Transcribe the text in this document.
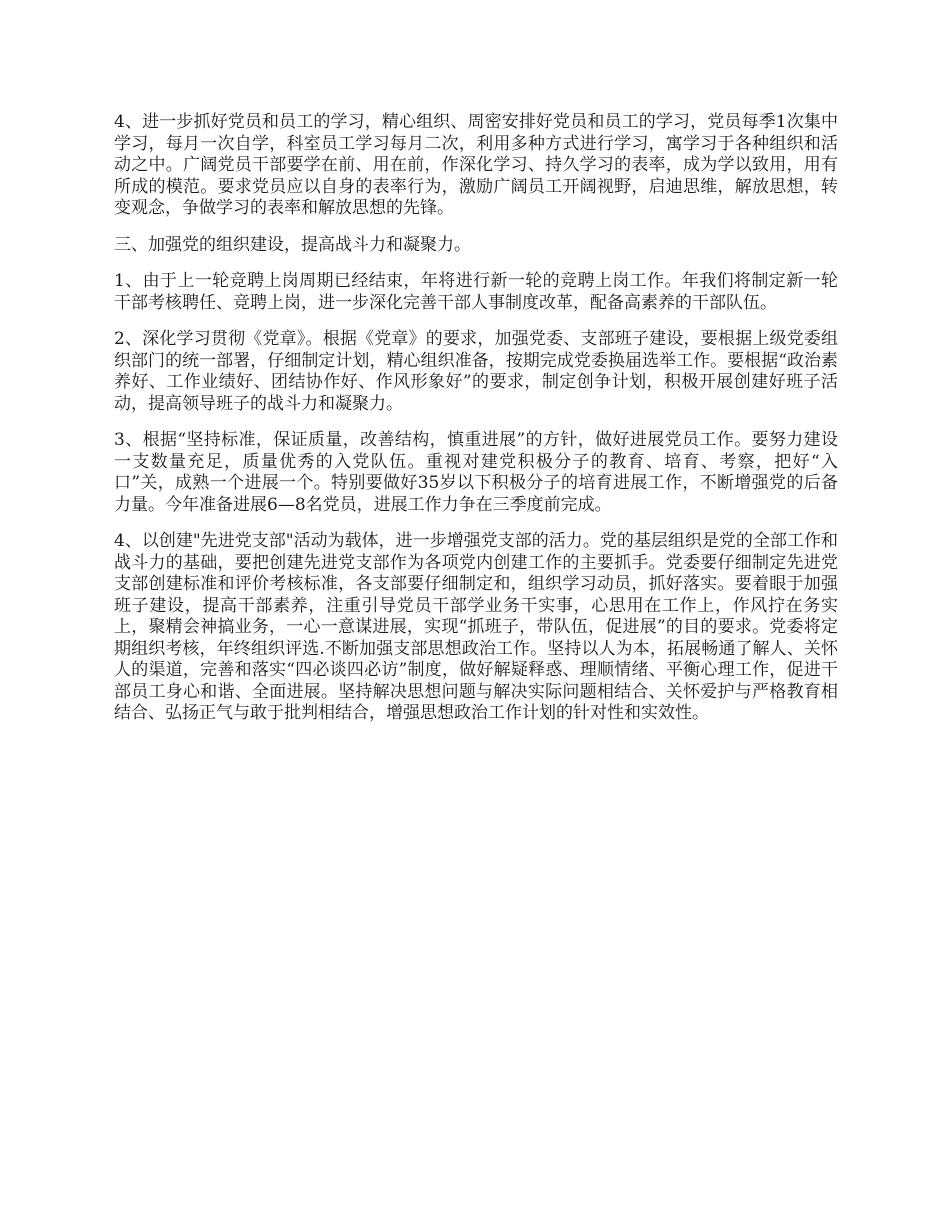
4、进一步抓好党员和员工的学习，精心组织、周密安排好党员和员工的学习，党员每季1次集中学习，每月一次自学，科室员工学习每月二次，利用多种方式进行学习，寓学习于各种组织和活动之中。广阔党员干部要学在前、用在前，作深化学习、持久学习的表率，成为学以致用，用有所成的模范。要求党员应以自身的表率行为，激励广阔员工开阔视野，启迪思维，解放思想，转变观念，争做学习的表率和解放思想的先锋。

三、加强党的组织建设，提高战斗力和凝聚力。

1、由于上一轮竞聘上岗周期已经结束，年将进行新一轮的竞聘上岗工作。年我们将制定新一轮干部考核聘任、竞聘上岗，进一步深化完善干部人事制度改革，配备高素养的干部队伍。

2、深化学习贯彻《党章》。根据《党章》的要求，加强党委、支部班子建设，要根据上级党委组织部门的统一部署，仔细制定计划，精心组织准备，按期完成党委换届选举工作。要根据“政治素养好、工作业绩好、团结协作好、作风形象好”的要求，制定创争计划，积极开展创建好班子活动，提高领导班子的战斗力和凝聚力。

3、根据“坚持标准，保证质量，改善结构，慎重进展”的方针，做好进展党员工作。要努力建设一支数量充足，质量优秀的入党队伍。重视对建党积极分子的教育、培育、考察，把好“入口”关，成熟一个进展一个。特别要做好35岁以下积极分子的培育进展工作，不断增强党的后备力量。今年准备进展6—8名党员，进展工作力争在三季度前完成。

4、以创建"先进党支部"活动为载体，进一步增强党支部的活力。党的基层组织是党的全部工作和战斗力的基础，要把创建先进党支部作为各项党内创建工作的主要抓手。党委要仔细制定先进党支部创建标准和评价考核标准，各支部要仔细制定和，组织学习动员，抓好落实。要着眼于加强班子建设，提高干部素养，注重引导党员干部学业务干实事，心思用在工作上，作风拧在务实上，聚精会神搞业务，一心一意谋进展，实现“抓班子，带队伍，促进展”的目的要求。党委将定期组织考核，年终组织评选.不断加强支部思想政治工作。坚持以人为本，拓展畅通了解人、关怀人的渠道，完善和落实“四必谈四必访”制度，做好解疑释惑、理顺情绪、平衡心理工作，促进干部员工身心和谐、全面进展。坚持解决思想问题与解决实际问题相结合、关怀爱护与严格教育相结合、弘扬正气与敢于批判相结合，增强思想政治工作计划的针对性和实效性。
